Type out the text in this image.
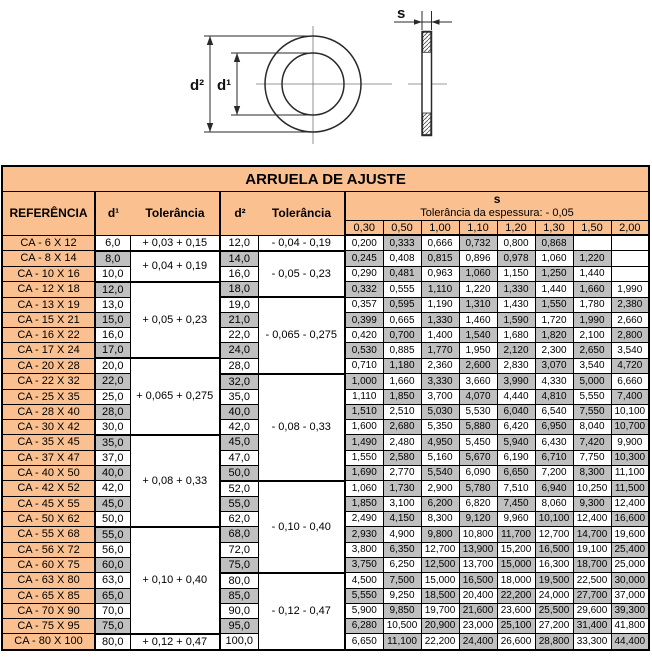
d² d¹
s
ARRUELA DE AJUSTE												
REFERÊNCIA	d¹	Tolerância	d²	Tolerância

s
Tolerância da espessura: - 0,05

					0,30	0,50	1,00	1,10	1,20	1,30	1,50	2,00
CA - 6 X 12	6,0	+ 0,03 + 0,15	12,0	- 0,04 - 0,19	0,200	0,333	0,666	0,732	0,800	0,868		
CA - 8 X 14	8,0	+ 0,04 + 0,19	14,0	- 0,05 - 0,23	0,245	0,408	0,815	0,896	0,978	1,060	1,220	
CA - 10 X 16	10,0		16,0		0,290	0,481	0,963	1,060	1,150	1,250	1,440	
CA - 12 X 18	12,0	+ 0,05 + 0,23	18,0		0,332	0,555	1,110	1,220	1,330	1,440	1,660	1,990
CA - 13 X 19	13,0		19,0	- 0,065 - 0,275	0,357	0,595	1,190	1,310	1,430	1,550	1,780	2,380
CA - 15 X 21	15,0		21,0		0,399	0,665	1,330	1,460	1,590	1,720	1,990	2,660
CA - 16 X 22	16,0		22,0		0,420	0,700	1,400	1,540	1,680	1,820	2,100	2,800
CA - 17 X 24	17,0		24,0		0,530	0,885	1,770	1,950	2,120	2,300	2,650	3,540
CA - 20 X 28	20,0	+ 0,065 + 0,275	28,0		0,710	1,180	2,360	2,600	2,830	3,070	3,540	4,720
CA - 22 X 32	22,0		32,0	- 0,08 - 0,33	1,000	1,660	3,330	3,660	3,990	4,330	5,000	6,660
CA - 25 X 35	25,0		35,0		1,110	1,850	3,700	4,070	4,440	4,810	5,550	7,400
CA - 28 X 40	28,0		40,0		1,510	2,510	5,030	5,530	6,040	6,540	7,550	10,100
CA - 30 X 42	30,0		42,0		1,600	2,680	5,350	5,880	6,420	6,950	8,040	10,700
CA - 35 X 45	35,0	+ 0,08 + 0,33	45,0		1,490	2,480	4,950	5,450	5,940	6,430	7,420	9,900
CA - 37 X 47	37,0		47,0		1,550	2,580	5,160	5,670	6,190	6,710	7,750	10,300
CA - 40 X 50	40,0		50,0		1,690	2,770	5,540	6,090	6,650	7,200	8,300	11,100
CA - 42 X 52	42,0		52,0	- 0,10 - 0,40	1,060	1,730	2,900	5,780	7,510	6,940	10,250	11,500
CA - 45 X 55	45,0		55,0		1,850	3,100	6,200	6,820	7,450	8,060	9,300	12,400
CA - 50 X 62	50,0		62,0		2,490	4,150	8,300	9,120	9,960	10,100	12,400	16,600
CA - 55 X 68	55,0	+ 0,10 + 0,40	68,0		2,930	4,900	9,800	10,800	11,700	12,700	14,700	19,600
CA - 56 X 72	56,0		72,0		3,800	6,350	12,700	13,900	15,200	16,500	19,100	25,400
CA - 60 X 75	60,0		75,0		3,750	6,250	12,500	13,700	15,000	16,300	18,700	25,000
CA - 63 X 80	63,0		80,0	- 0,12 - 0,47	4,500	7,500	15,000	16,500	18,000	19,500	22,500	30,000
CA - 65 X 85	65,0		85,0		5,550	9,250	18,500	20,400	22,200	24,000	27,700	37,000
CA - 70 X 90	70,0		90,0		5,900	9,850	19,700	21,600	23,600	25,500	29,600	39,300
CA - 75 X 95	75,0		95,0		6,280	10,500	20,900	23,000	25,100	27,200	31,400	41,800
CA - 80 X 100	80,0	+ 0,12 + 0,47	100,0		6,650	11,100	22,200	24,400	26,600	28,800	33,300	44,400
